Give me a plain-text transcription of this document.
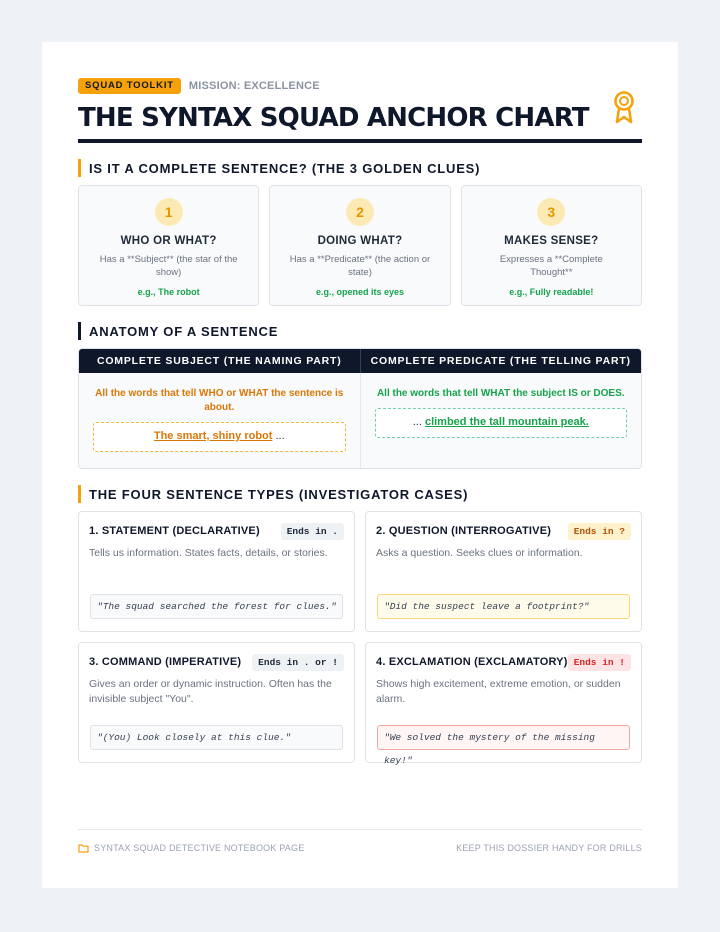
SQUAD TOOLKIT	MISSION: EXCELLENCE
THE SYNTAX SQUAD ANCHOR CHART
IS IT A COMPLETE SENTENCE? (THE 3 GOLDEN CLUES)
1
WHO OR WHAT?
Has a **Subject** (the star of the show)
e.g., The robot
2
DOING WHAT?
Has a **Predicate** (the action or state)
e.g., opened its eyes
3
MAKES SENSE?
Expresses a **Complete Thought**
e.g., Fully readable!
ANATOMY OF A SENTENCE
COMPLETE SUBJECT (THE NAMING PART)	COMPLETE PREDICATE (THE TELLING PART)
All the words that tell WHO or WHAT the sentence is about.
The smart, shiny robot ...
All the words that tell WHAT the subject IS or DOES.
... climbed the tall mountain peak.
THE FOUR SENTENCE TYPES (INVESTIGATOR CASES)
1. STATEMENT (DECLARATIVE)	Ends in .
Tells us information. States facts, details, or stories.
"The squad searched the forest for clues."
2. QUESTION (INTERROGATIVE)	Ends in ?
Asks a question. Seeks clues or information.
"Did the suspect leave a footprint?"
3. COMMAND (IMPERATIVE)	Ends in . or !
Gives an order or dynamic instruction. Often has the invisible subject "You".
"(You) Look closely at this clue."
4. EXCLAMATION (EXCLAMATORY) Ends in !
Shows high excitement, extreme emotion, or sudden alarm.
"We solved the mystery of the missing key!"
SYNTAX SQUAD DETECTIVE NOTEBOOK PAGE	KEEP THIS DOSSIER HANDY FOR DRILLS
